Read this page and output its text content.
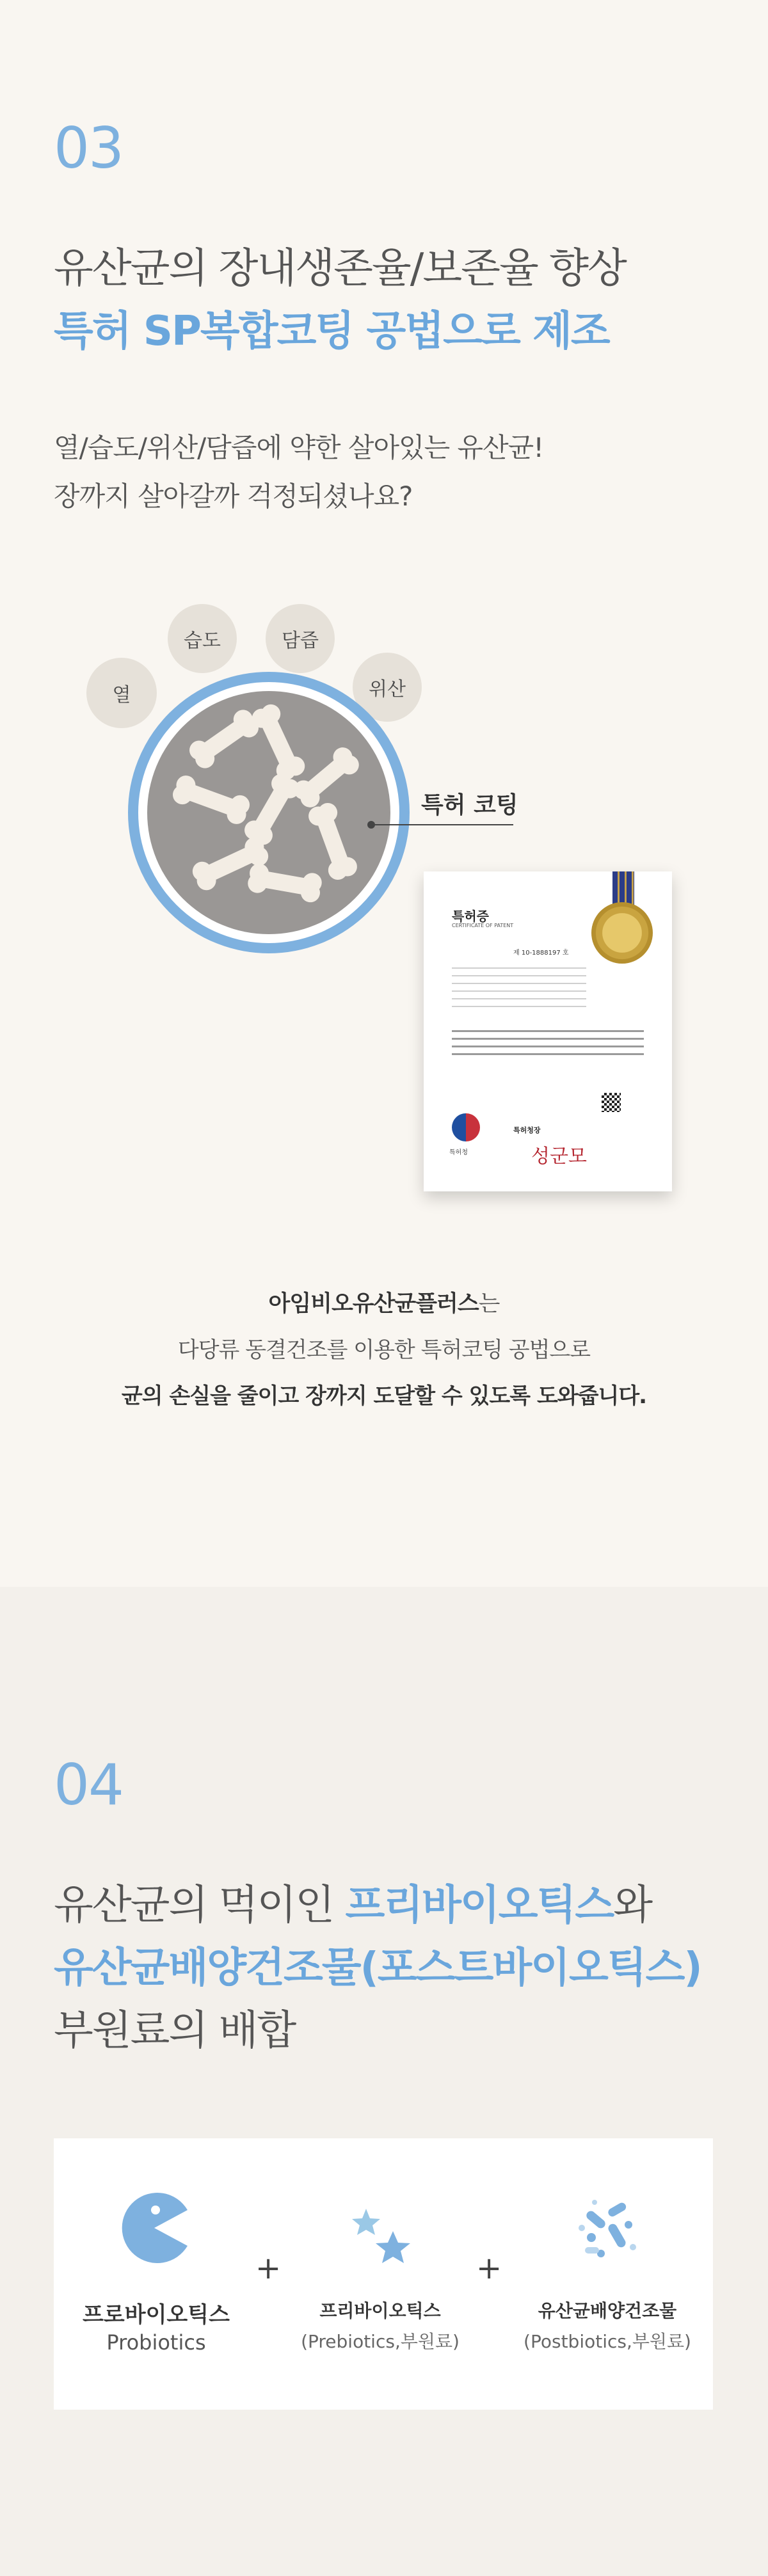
03
유산균의 장내생존율/보존율 향상
특허 SP복합코팅 공법으로 제조
열/습도/위산/담즙에 약한 살아있는 유산균!
장까지 살아갈까 걱정되셨나요?
열
습도	담즙
위산
특허 코팅
특허증
CERTIFICATE OF PATENT
제 10-1888197 호
특허청
특허청장
성군모
아임비오유산균플러스는
다당류 동결건조를 이용한 특허코팅 공법으로
균의 손실을 줄이고 장까지 도달할 수 있도록 도와줍니다.
04
유산균의 먹이인 프리바이오틱스와
유산균배양건조물(포스트바이오틱스)
부원료의 배합
프로바이오틱스
Probiotics
+
프리바이오틱스
(Prebiotics,부원료)
+
유산균배양건조물
(Postbiotics,부원료)
